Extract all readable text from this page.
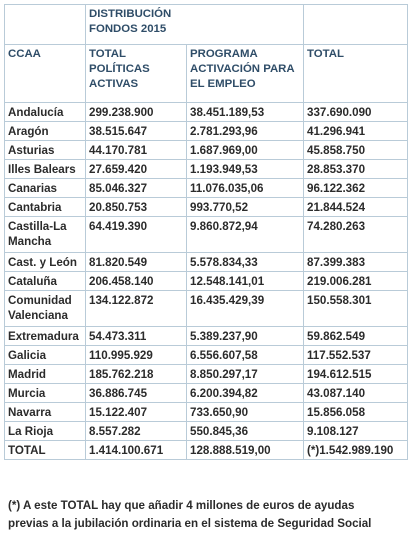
	DISTRIBUCIÓN FONDOS 2015		

CCAA	TOTAL POLÍTICAS ACTIVAS	PROGRAMA ACTIVACIÓN PARA EL EMPLEO	TOTAL
Andalucía	299.238.900	38.451.189,53	337.690.090
Aragón	38.515.647	2.781.293,96	41.296.941
Asturias	44.170.781	1.687.969,00	45.858.750
Illes Balears	27.659.420	1.193.949,53	28.853.370
Canarias	85.046.327	11.076.035,06	96.122.362
Cantabria	20.850.753	993.770,52	21.844.524
Castilla-La Mancha	64.419.390	9.860.872,94	74.280.263
Cast. y León	81.820.549	5.578.834,33	87.399.383
Cataluña	206.458.140	12.548.141,01	219.006.281
Comunidad Valenciana	134.122.872	16.435.429,39	150.558.301
Extremadura	54.473.311	5.389.237,90	59.862.549
Galicia	110.995.929	6.556.607,58	117.552.537
Madrid	185.762.218	8.850.297,17	194.612.515
Murcia	36.886.745	6.200.394,82	43.087.140
Navarra	15.122.407	733.650,90	15.856.058
La Rioja	8.557.282	550.845,36	9.108.127
TOTAL	1.414.100.671	128.888.519,00	(*)1.542.989.190
(*) A este TOTAL hay que añadir 4 millones de euros de ayudas
previas a la jubilación ordinaria en el sistema de Seguridad Social
